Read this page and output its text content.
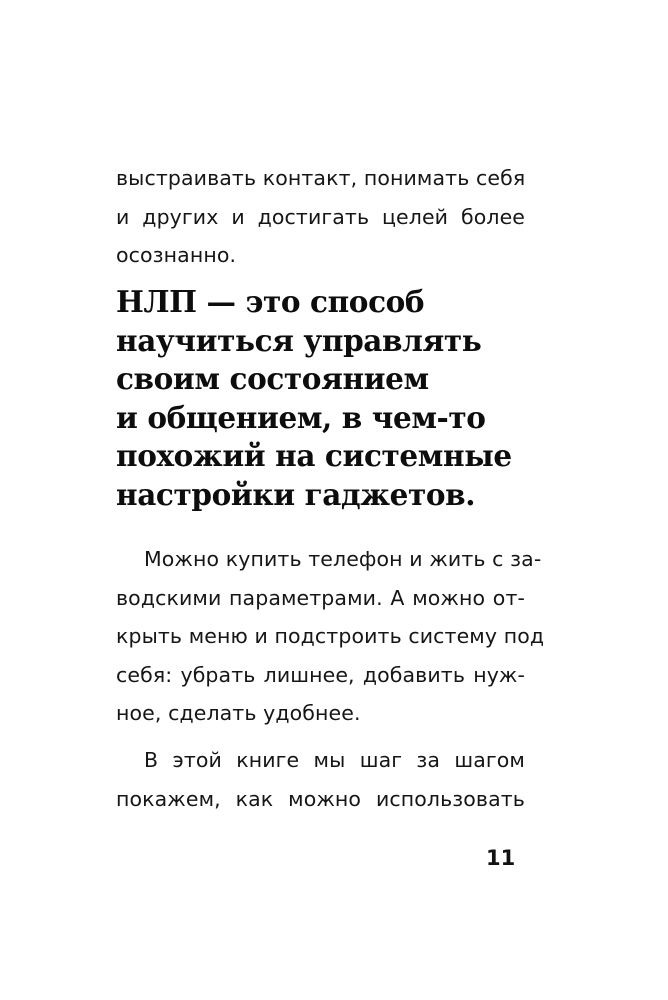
выстраивать контакт, понимать себя
и других и достигать целей более
осознанно.

НЛП — это способ
научиться управлять
своим состоянием
и общением, в чем-то
похожий на системные
настройки гаджетов.

Можно купить телефон и жить с за-
водскими параметрами. А можно от-
крыть меню и подстроить систему под
себя: убрать лишнее, добавить нуж-
ное, сделать удобнее.

В этой книге мы шаг за шагом
покажем, как можно использовать

11
